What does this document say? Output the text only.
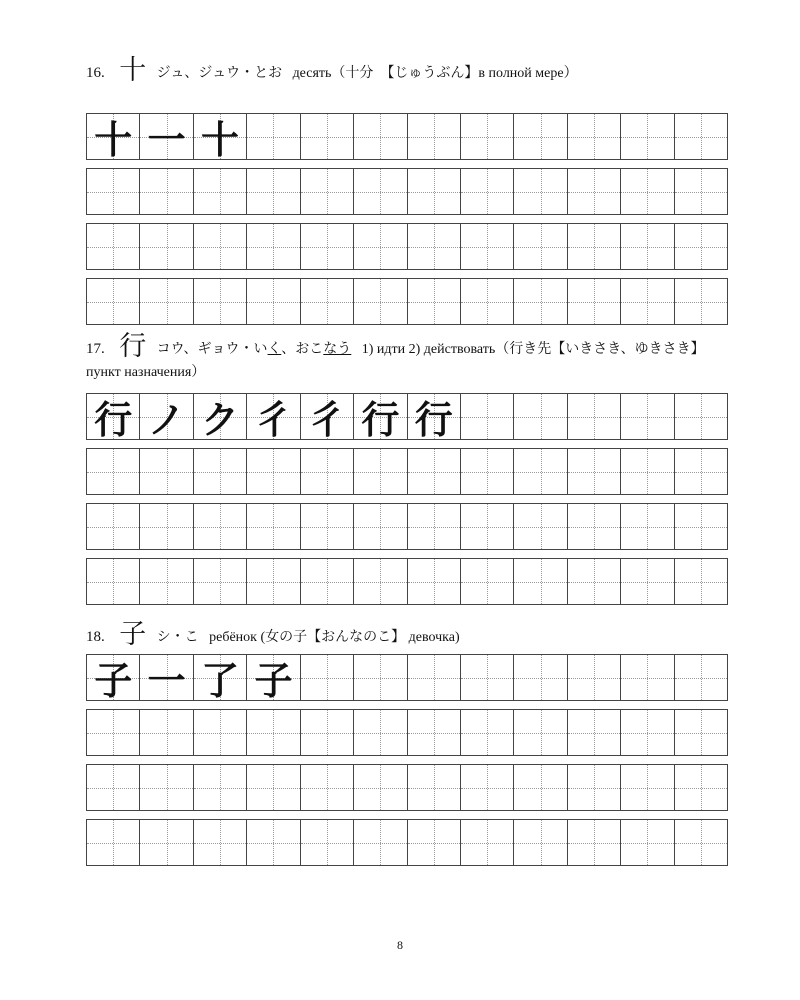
16. 十 ジュ、ジュウ・とお десять（十分　【じゅうぶん】в полной мере）
十 一 十
17. 行 コウ、ギョウ・いく、おこなう 1) идти 2) действовать（行き先【いきさき、ゆきさき】 пункт назначения）
行 ノ ク 彳 彳 行 行
18. 子 シ・こ ребёнок (女の子【おんなのこ】 девочка)
子 一 了 子
8
